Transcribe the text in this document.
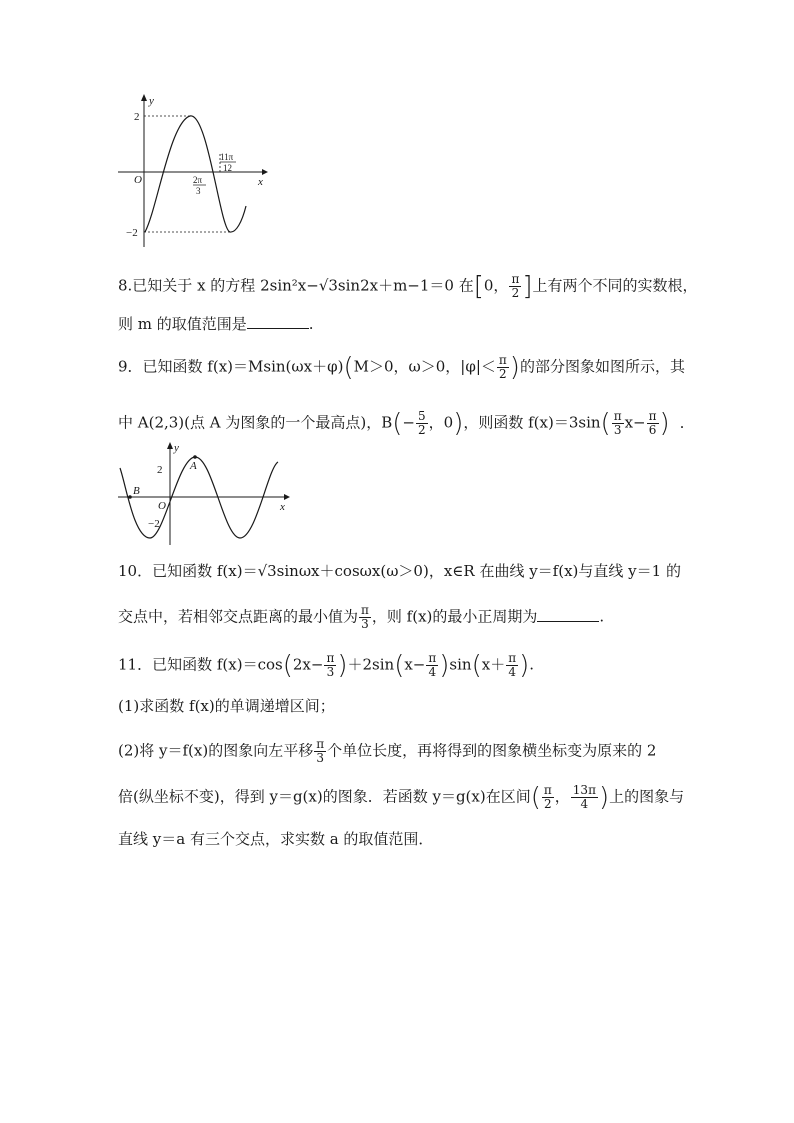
y
x
O
2
−2
2π
3
11π
12
8.已知关于 x 的方程 2sin²x−√3sin2x＋m−1＝0 在[0， $\frac{\pi}{2}$ ]上有两个不同的实数根，
则 m 的取值范围是	.
9．已知函数 f(x)＝Msin(ωx＋φ)(M＞0，ω＞0，$|\varphi|< \frac{\pi}{2}$ )的部分图象如图所示，其
中 A(2,3)(点 A 为图象的一个最高点)，$B(- \frac{5}{2}$ ，0)，则函数 $f(x)=3\sin( \frac{\pi}{3} x- \frac{\pi}{6}$ ) .
y
x
O
2
−2
A
B
10．已知函数 f(x)＝√3sinωx＋cosωx(ω＞0)，x∈R 在曲线 y＝f(x)与直线 y＝1 的
交点中，若相邻交点距离的最小值为 $\frac{\pi}{3}$ ，则 f(x)的最小正周期为	.
11．已知函数 $f(x)=\cos(2x- \frac{\pi}{3} )+2\sin(x- \frac{\pi}{4} )\sin(x+ \frac{\pi}{4}$ ).
(1)求函数 f(x)的单调递增区间；
(2)将 y＝f(x)的图象向左平移 $\frac{\pi}{3}$ 个单位长度，再将得到的图象横坐标变为原来的 2
倍(纵坐标不变)，得到 y＝g(x)的图象．若函数 y＝g(x)在区间( $\frac{\pi}{2}$ ， $\frac{13\pi}{4}$ )上的图象与
直线 y＝a 有三个交点，求实数 a 的取值范围．
